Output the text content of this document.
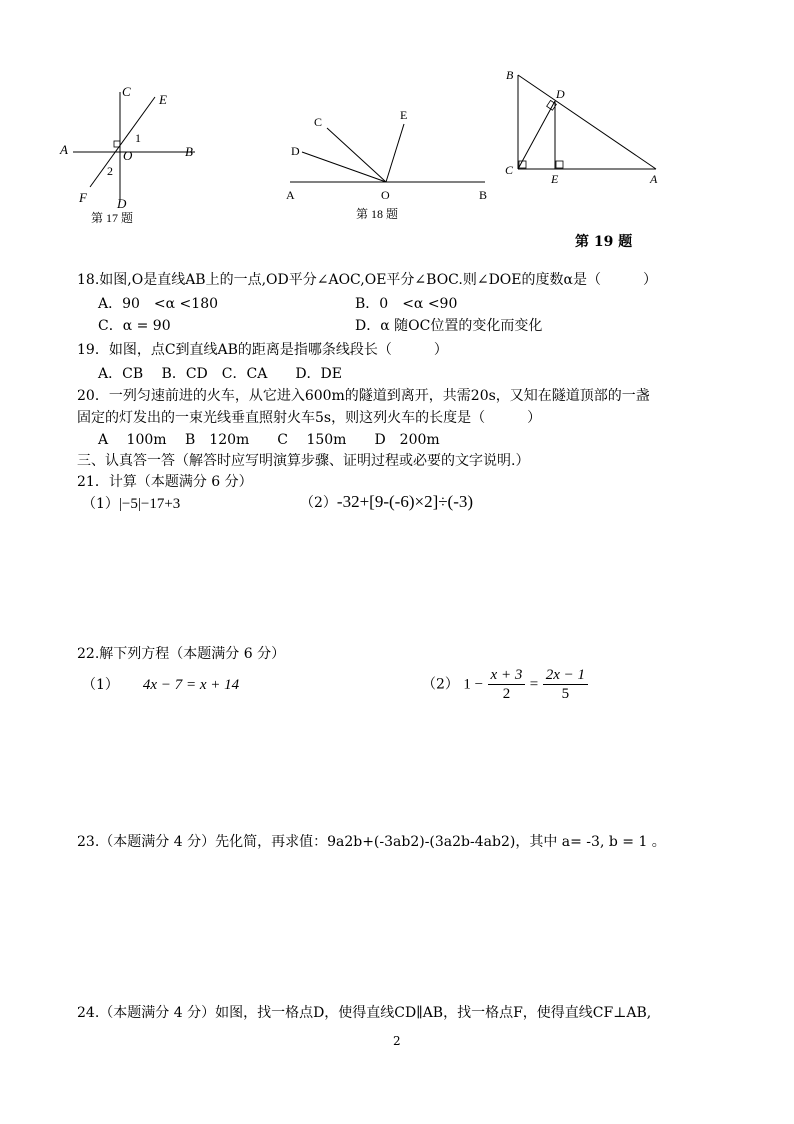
C
E
1
A	O	B
2
F D
第 17 题
C	E
D
A	O	B
第 18 题
B
D
C
E	A
第 19 题
18.如图,O是直线AB上的一点,OD平分∠AOC,OE平分∠BOC.则∠DOE的度数α是（　　　）
A．90　<α <180	B．0　<α <90
C．α = 90	D．α 随OC位置的变化而变化
19．如图，点C到直线AB的距离是指哪条线段长（　　　）
A．CB　 B．CD　C．CA　　D．DE
20．一列匀速前进的火车，从它进入600m的隧道到离开，共需20s，又知在隧道顶部的一盏
固定的灯发出的一束光线垂直照射火车5s，则这列火车的长度是（　　　）
A　 100m　 B　120m　　C　 150m　　D　200m
三、认真答一答（解答时应写明演算步骤、证明过程或必要的文字说明.）
21．计算（本题满分 6 分）
（1）|−5|−17+3	（2）-32+[9-(-6)×2]÷(-3)
22.解下列方程（本题满分 6 分）
（1） 4x − 7 = x + 14	（2） $1 - \frac{x + 3}{2} = \frac{2x - 1}{5}$
23.（本题满分 4 分）先化简，再求值：9a2b+(-3ab2)-(3a2b-4ab2)，其中 a= -3, b = 1 。
24.（本题满分 4 分）如图，找一格点D，使得直线CD∥AB，找一格点F，使得直线CF⊥AB,
2
